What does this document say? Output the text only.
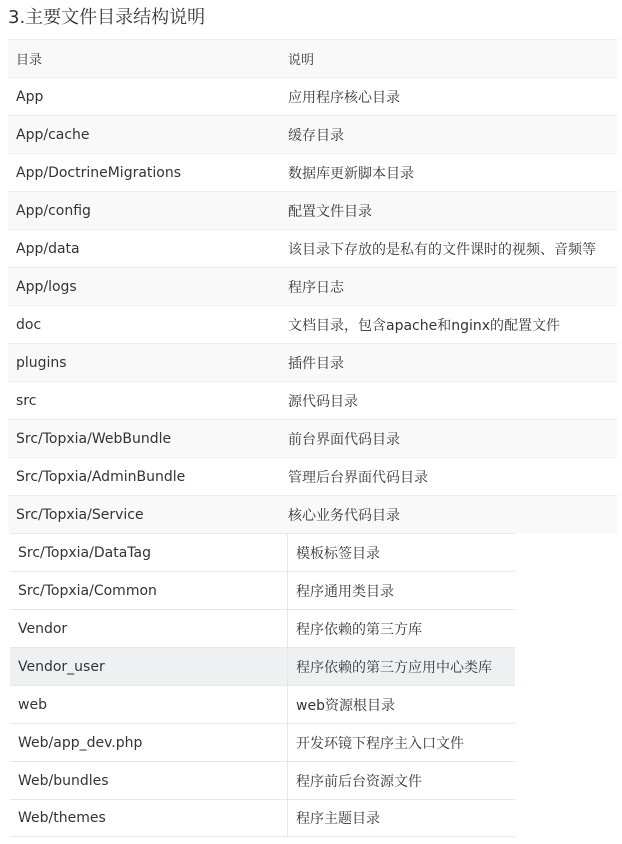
3.主要文件目录结构说明
目录	说明
App	应用程序核心目录
App/cache	缓存目录
App/DoctrineMigrations	数据库更新脚本目录
App/config	配置文件目录
App/data	该目录下存放的是私有的文件课时的视频、音频等
App/logs	程序日志
doc	文档目录，包含apache和nginx的配置文件
plugins	插件目录
src	源代码目录
Src/Topxia/WebBundle	前台界面代码目录
Src/Topxia/AdminBundle	管理后台界面代码目录
Src/Topxia/Service	核心业务代码目录
Src/Topxia/DataTag	模板标签目录
Src/Topxia/Common	程序通用类目录
Vendor	程序依赖的第三方库
Vendor_user	程序依赖的第三方应用中心类库
web	web资源根目录
Web/app_dev.php	开发环镜下程序主入口文件
Web/bundles	程序前后台资源文件
Web/themes	程序主题目录
